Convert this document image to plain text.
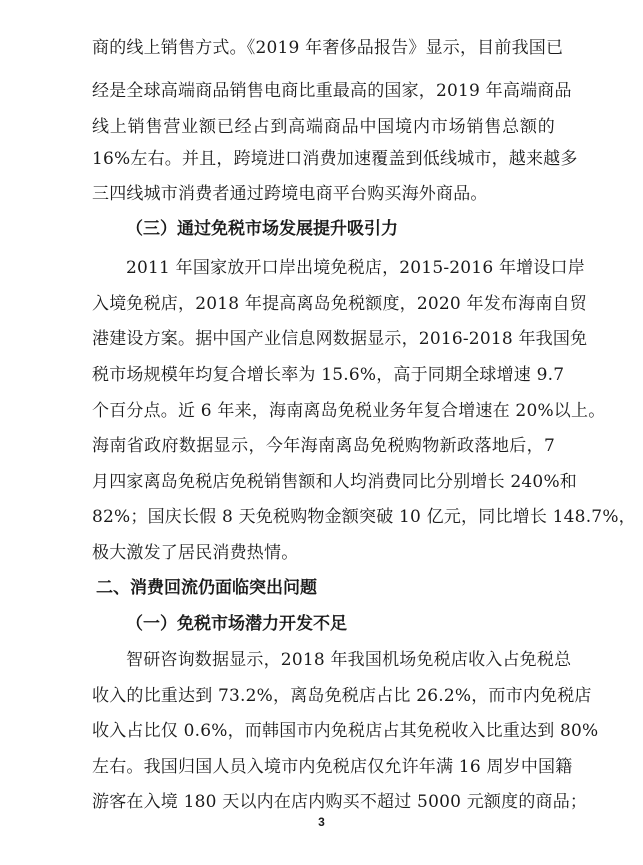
商的线上销售方式。《2019 年奢侈品报告》显示，目前我国已
经是全球高端商品销售电商比重最高的国家，2019 年高端商品
线上销售营业额已经占到高端商品中国境内市场销售总额的
16%左右。并且，跨境进口消费加速覆盖到低线城市，越来越多
三四线城市消费者通过跨境电商平台购买海外商品。
（三）通过免税市场发展提升吸引力
2011 年国家放开口岸出境免税店，2015-2016 年增设口岸
入境免税店，2018 年提高离岛免税额度，2020 年发布海南自贸
港建设方案。据中国产业信息网数据显示，2016-2018 年我国免
税市场规模年均复合增长率为 15.6%，高于同期全球增速 9.7
个百分点。近 6 年来，海南离岛免税业务年复合增速在 20%以上。
海南省政府数据显示，今年海南离岛免税购物新政落地后，7
月四家离岛免税店免税销售额和人均消费同比分别增长 240%和
82%；国庆长假 8 天免税购物金额突破 10 亿元，同比增长 148.7%，
极大激发了居民消费热情。
二、消费回流仍面临突出问题
（一）免税市场潜力开发不足
智研咨询数据显示，2018 年我国机场免税店收入占免税总
收入的比重达到 73.2%，离岛免税店占比 26.2%，而市内免税店
收入占比仅 0.6%，而韩国市内免税店占其免税收入比重达到 80%
左右。我国归国人员入境市内免税店仅允许年满 16 周岁中国籍
游客在入境 180 天以内在店内购买不超过 5000 元额度的商品；
3
